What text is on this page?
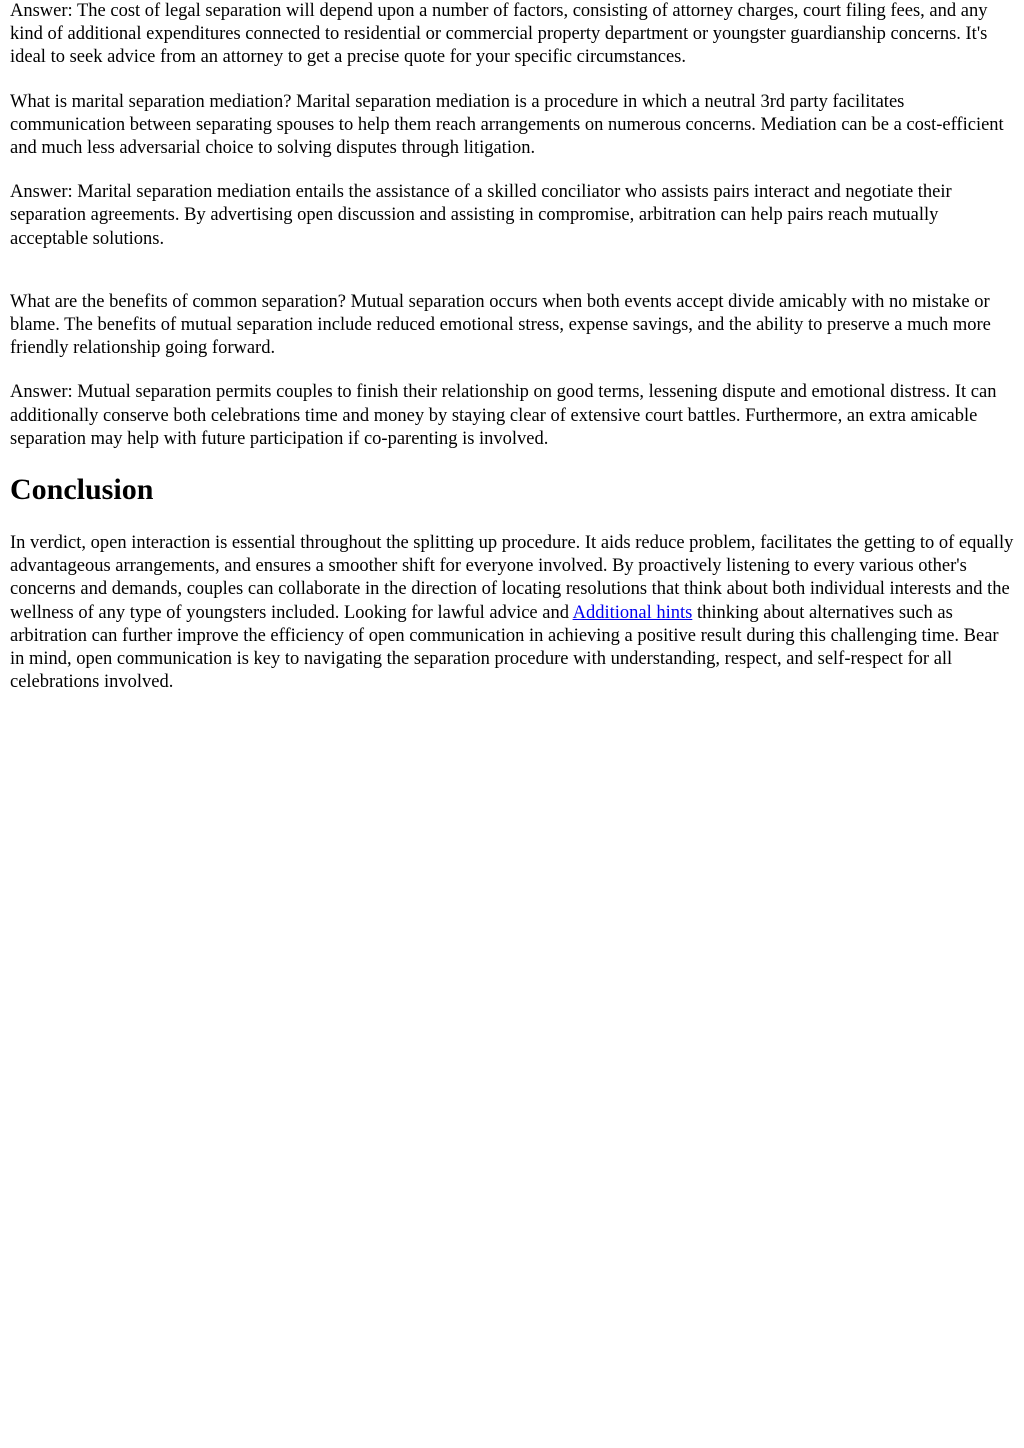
Answer: The cost of legal separation will depend upon a number of factors, consisting of attorney charges, court filing fees, and any kind of additional expenditures connected to residential or commercial property department or youngster guardianship concerns. It's ideal to seek advice from an attorney to get a precise quote for your specific circumstances.

What is marital separation mediation? Marital separation mediation is a procedure in which a neutral 3rd party facilitates communication between separating spouses to help them reach arrangements on numerous concerns. Mediation can be a cost-efficient and much less adversarial choice to solving disputes through litigation.

Answer: Marital separation mediation entails the assistance of a skilled conciliator who assists pairs interact and negotiate their separation agreements. By advertising open discussion and assisting in compromise, arbitration can help pairs reach mutually acceptable solutions.

What are the benefits of common separation? Mutual separation occurs when both events accept divide amicably with no mistake or blame. The benefits of mutual separation include reduced emotional stress, expense savings, and the ability to preserve a much more friendly relationship going forward.

Answer: Mutual separation permits couples to finish their relationship on good terms, lessening dispute and emotional distress. It can additionally conserve both celebrations time and money by staying clear of extensive court battles. Furthermore, an extra amicable separation may help with future participation if co-parenting is involved.

Conclusion

In verdict, open interaction is essential throughout the splitting up procedure. It aids reduce problem, facilitates the getting to of equally advantageous arrangements, and ensures a smoother shift for everyone involved. By proactively listening to every various other's concerns and demands, couples can collaborate in the direction of locating resolutions that think about both individual interests and the wellness of any type of youngsters included. Looking for lawful advice and Additional hints thinking about alternatives such as arbitration can further improve the efficiency of open communication in achieving a positive result during this challenging time. Bear in mind, open communication is key to navigating the separation procedure with understanding, respect, and self-respect for all celebrations involved.
